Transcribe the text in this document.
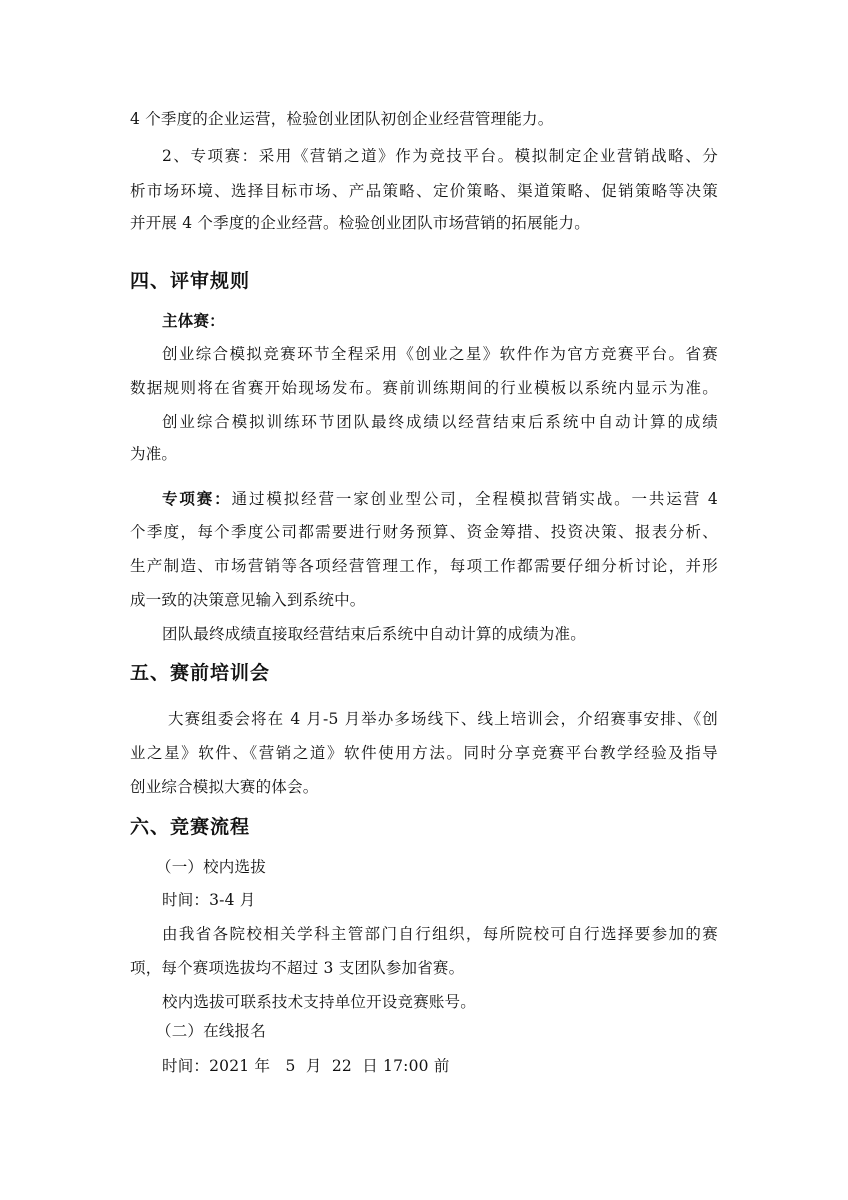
4 个季度的企业运营，检验创业团队初创企业经营管理能力。
2、专项赛：采用《营销之道》作为竞技平台。模拟制定企业营销战略、分
析市场环境、选择目标市场、产品策略、定价策略、渠道策略、促销策略等决策
并开展 4 个季度的企业经营。检验创业团队市场营销的拓展能力。
四、评审规则
主体赛：
创业综合模拟竞赛环节全程采用《创业之星》软件作为官方竞赛平台。省赛
数据规则将在省赛开始现场发布。赛前训练期间的行业模板以系统内显示为准。
创业综合模拟训练环节团队最终成绩以经营结束后系统中自动计算的成绩
为准。
专项赛：通过模拟经营一家创业型公司，全程模拟营销实战。一共运营 4
个季度，每个季度公司都需要进行财务预算、资金筹措、投资决策、报表分析、
生产制造、市场营销等各项经营管理工作，每项工作都需要仔细分析讨论，并形
成一致的决策意见输入到系统中。
团队最终成绩直接取经营结束后系统中自动计算的成绩为准。
五、赛前培训会
大赛组委会将在 4 月-5 月举办多场线下、线上培训会，介绍赛事安排、《创
业之星》软件、《营销之道》软件使用方法。同时分享竞赛平台教学经验及指导
创业综合模拟大赛的体会。
六、竞赛流程
（一）校内选拔
时间：3-4 月
由我省各院校相关学科主管部门自行组织，每所院校可自行选择要参加的赛
项，每个赛项选拔均不超过 3 支团队参加省赛。
校内选拔可联系技术支持单位开设竞赛账号。
（二）在线报名
时间：2021 年   5  月  22  日 17:00 前
